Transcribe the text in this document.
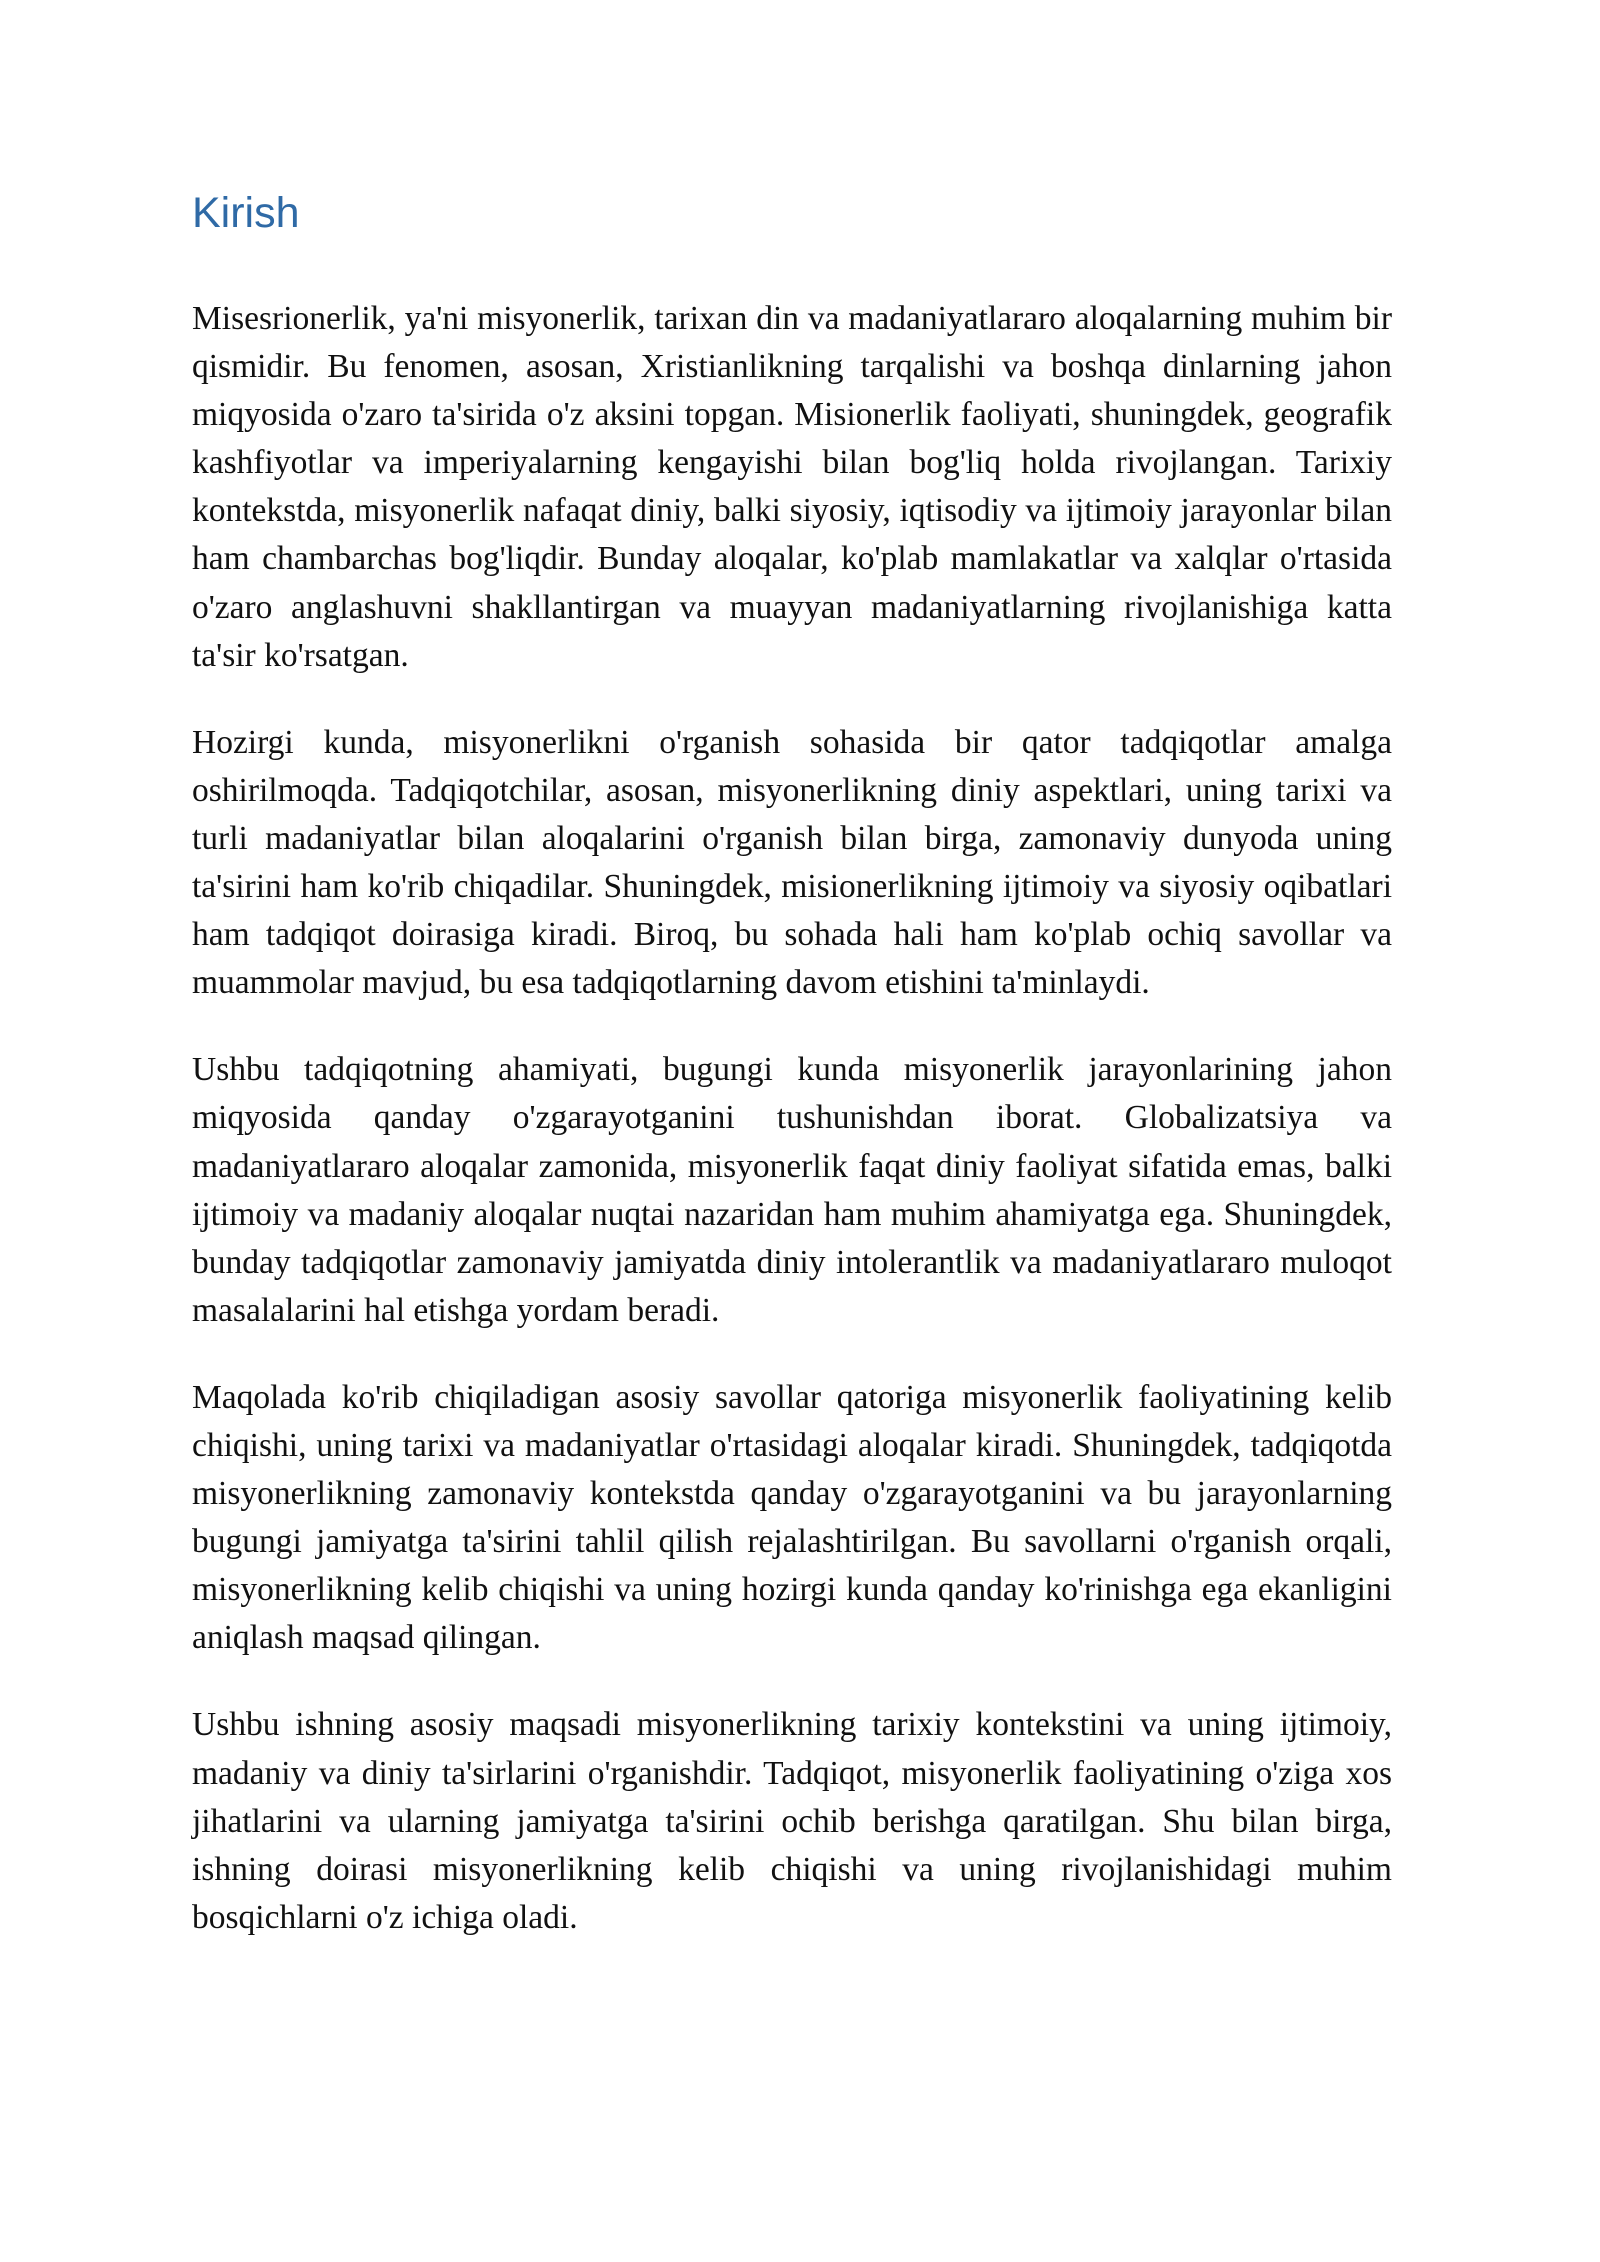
Kirish

Misesrionerlik, ya'ni misyonerlik, tarixan din va madaniyatlararo aloqalarning muhim bir qismidir. Bu fenomen, asosan, Xristianlikning tarqalishi va boshqa dinlarning jahon miqyosida o'zaro ta'sirida o'z aksini topgan. Misionerlik faoliyati, shuningdek, geografik kashfiyotlar va imperiyalarning kengayishi bilan bog'liq holda rivojlangan. Tarixiy kontekstda, misyonerlik nafaqat diniy, balki siyosiy, iqtisodiy va ijtimoiy jarayonlar bilan ham chambarchas bog'liqdir. Bunday aloqalar, ko'plab mamlakatlar va xalqlar o'rtasida o'zaro anglashuvni shakllantirgan va muayyan madaniyatlarning rivojlanishiga katta ta'sir ko'rsatgan.

Hozirgi kunda, misyonerlikni o'rganish sohasida bir qator tadqiqotlar amalga oshirilmoqda. Tadqiqotchilar, asosan, misyonerlikning diniy aspektlari, uning tarixi va turli madaniyatlar bilan aloqalarini o'rganish bilan birga, zamonaviy dunyoda uning ta'sirini ham ko'rib chiqadilar. Shuningdek, misionerlikning ijtimoiy va siyosiy oqibatlari ham tadqiqot doirasiga kiradi. Biroq, bu sohada hali ham ko'plab ochiq savollar va muammolar mavjud, bu esa tadqiqotlarning davom etishini ta'minlaydi.

Ushbu tadqiqotning ahamiyati, bugungi kunda misyonerlik jarayonlarining jahon miqyosida qanday o'zgarayotganini tushunishdan iborat. Globalizatsiya va madaniyatlararo aloqalar zamonida, misyonerlik faqat diniy faoliyat sifatida emas, balki ijtimoiy va madaniy aloqalar nuqtai nazaridan ham muhim ahamiyatga ega. Shuningdek, bunday tadqiqotlar zamonaviy jamiyatda diniy intolerantlik va madaniyatlararo muloqot masalalarini hal etishga yordam beradi.

Maqolada ko'rib chiqiladigan asosiy savollar qatoriga misyonerlik faoliyatining kelib chiqishi, uning tarixi va madaniyatlar o'rtasidagi aloqalar kiradi. Shuningdek, tadqiqotda misyonerlikning zamonaviy kontekstda qanday o'zgarayotganini va bu jarayonlarning bugungi jamiyatga ta'sirini tahlil qilish rejalashtirilgan. Bu savollarni o'rganish orqali, misyonerlikning kelib chiqishi va uning hozirgi kunda qanday ko'rinishga ega ekanligini aniqlash maqsad qilingan.

Ushbu ishning asosiy maqsadi misyonerlikning tarixiy kontekstini va uning ijtimoiy, madaniy va diniy ta'sirlarini o'rganishdir. Tadqiqot, misyonerlik faoliyatining o'ziga xos jihatlarini va ularning jamiyatga ta'sirini ochib berishga qaratilgan. Shu bilan birga, ishning doirasi misyonerlikning kelib chiqishi va uning rivojlanishidagi muhim bosqichlarni o'z ichiga oladi.
